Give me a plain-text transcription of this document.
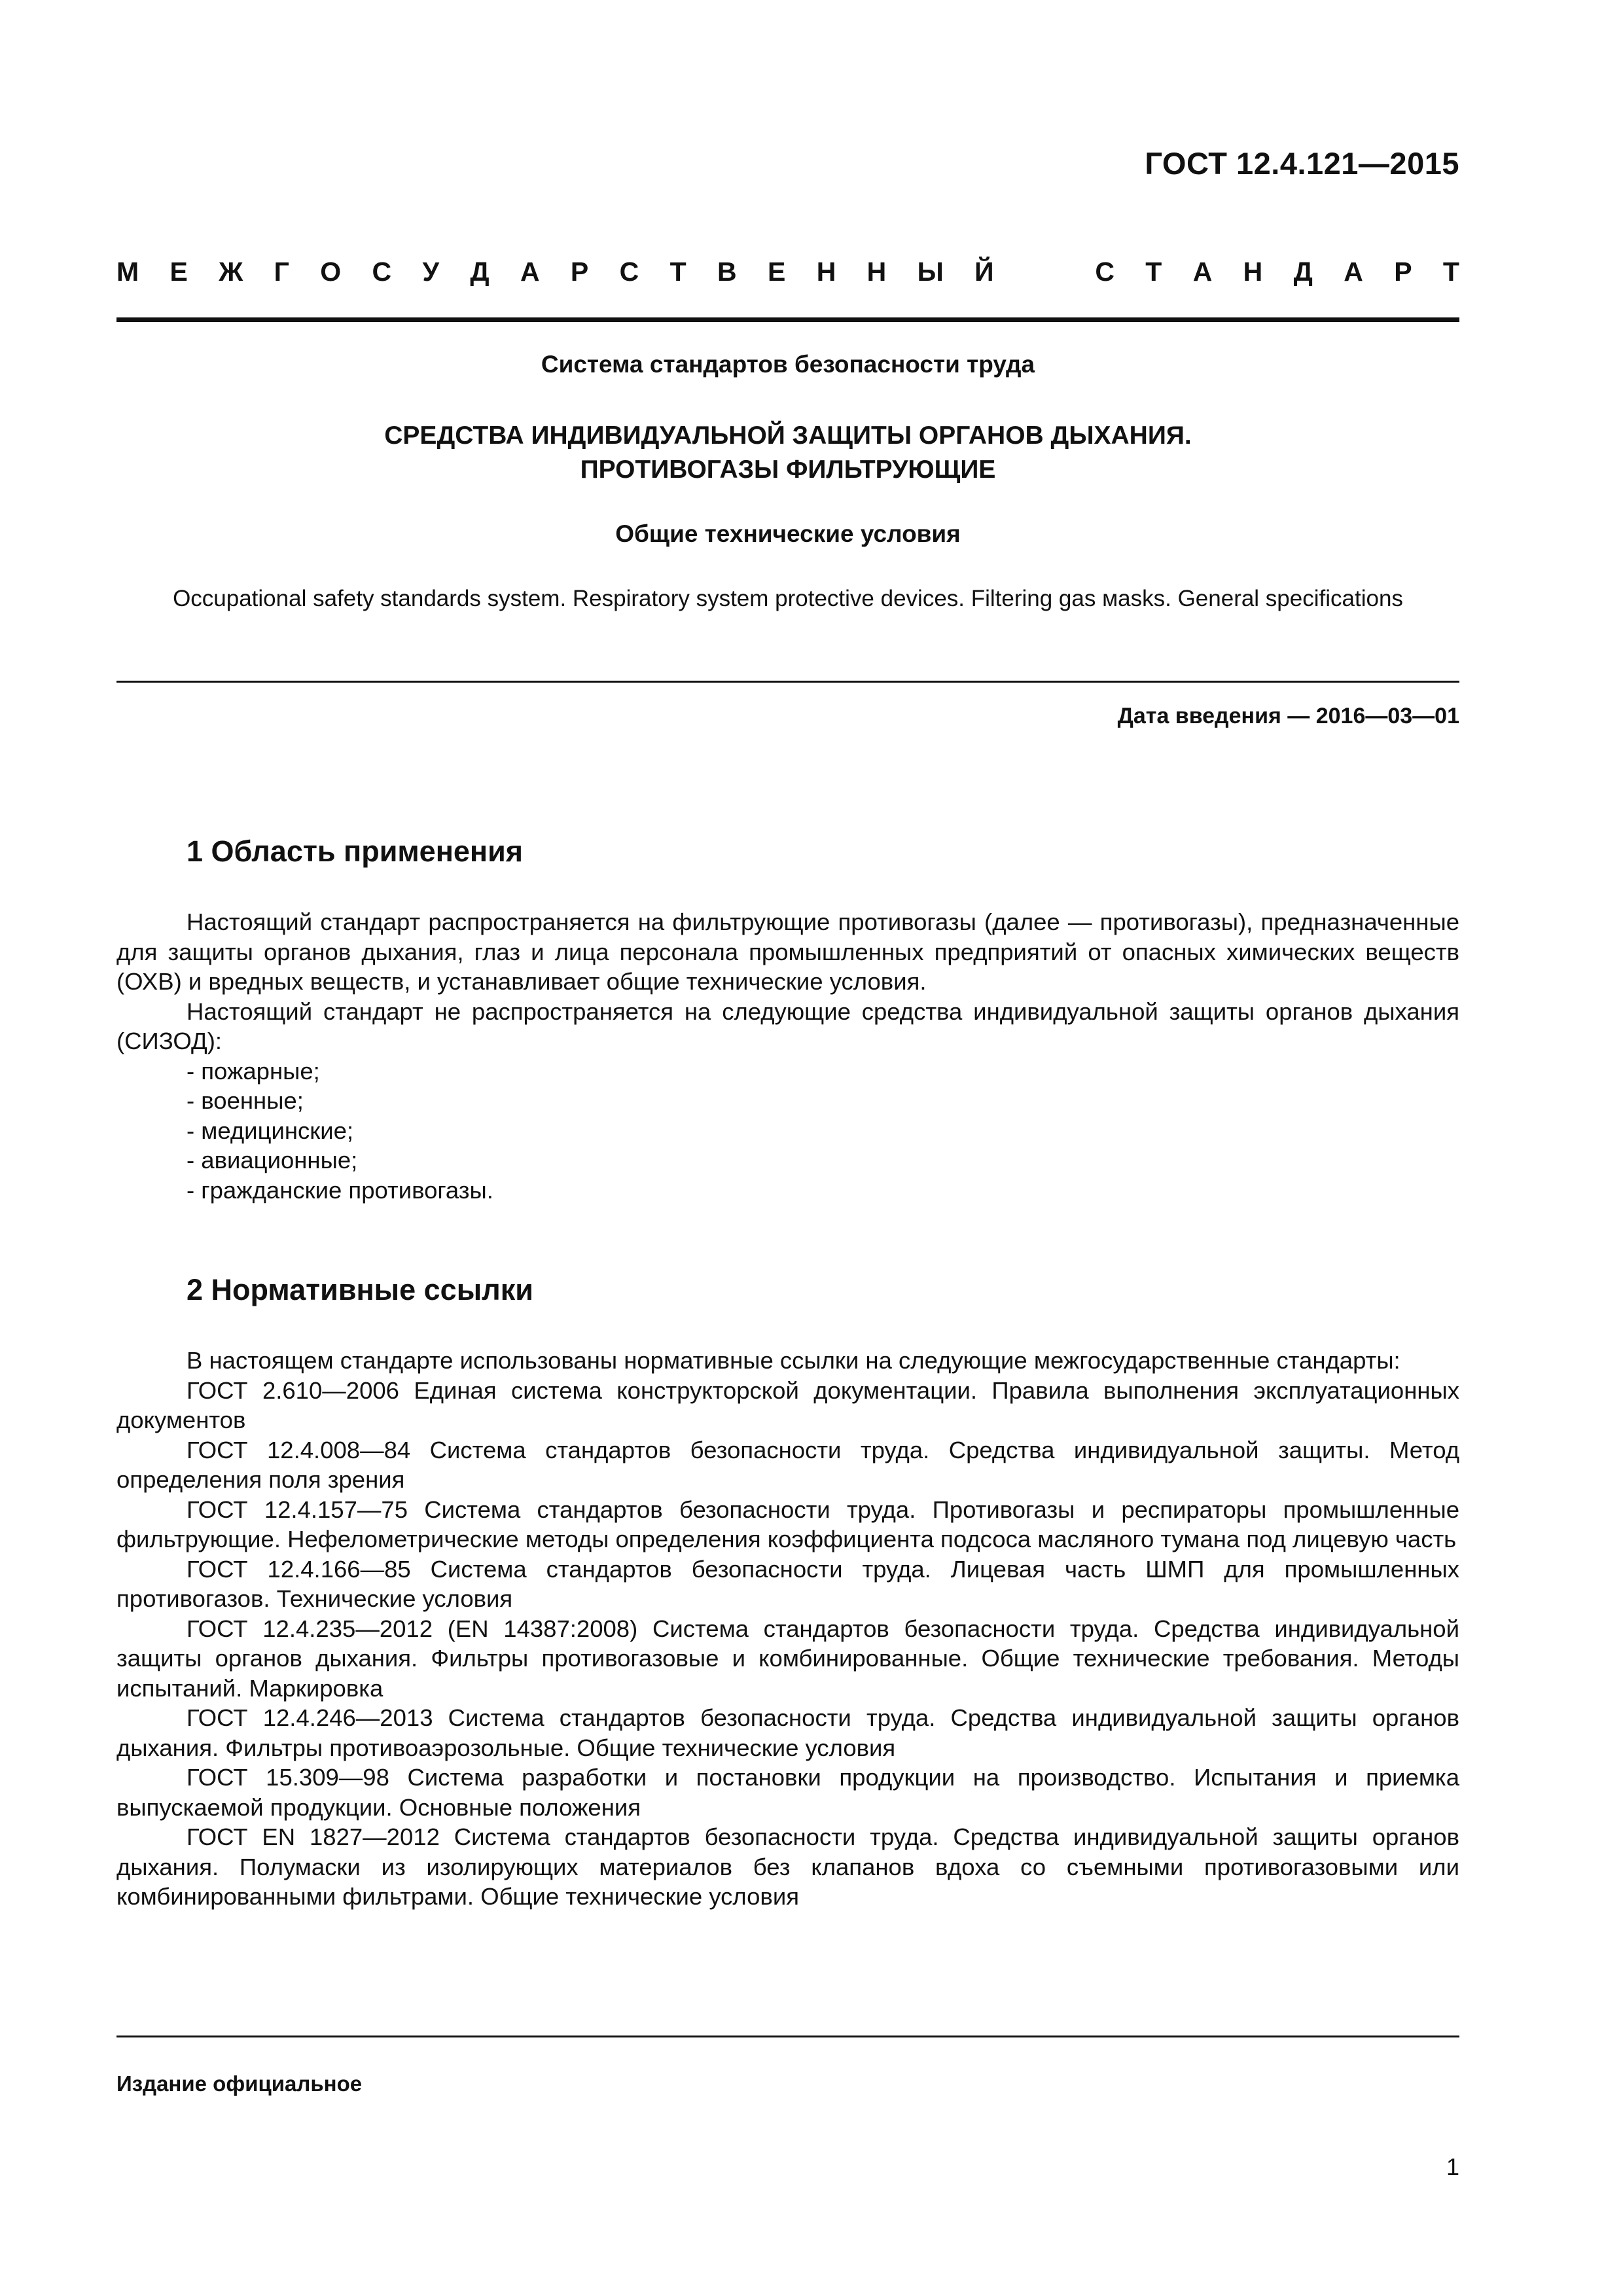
ГОСТ 12.4.121—2015
М Е Ж Г О С У Д А Р С Т В Е Н Н Ы Й	С Т А Н Д А Р Т
Система стандартов безопасности труда
СРЕДСТВА ИНДИВИДУАЛЬНОЙ ЗАЩИТЫ ОРГАНОВ ДЫХАНИЯ.
ПРОТИВОГАЗЫ ФИЛЬТРУЮЩИЕ
Общие технические условия
Occupational safety standards system. Respiratory system protective devices. Filtering gas маsks. General specifications
Дата введения — 2016—03—01
1 Область применения

Настоящий стандарт распространяется на фильтрующие противогазы (далее — противогазы), предназначенные для защиты органов дыхания, глаз и лица персонала промышленных предприятий от опасных химических веществ (ОХВ) и вредных веществ, и устанавливает общие технические условия.

Настоящий стандарт не распространяется на следующие средства индивидуальной защиты органов дыхания (СИЗОД):

- пожарные;
- военные;
- медицинские;
- авиационные;
- гражданские противогазы.
2 Нормативные ссылки

В настоящем стандарте использованы нормативные ссылки на следующие межгосударственные стандарты:

ГОСТ 2.610—2006 Единая система конструкторской документации. Правила выполнения эксплуатационных документов

ГОСТ 12.4.008—84 Система стандартов безопасности труда. Средства индивидуальной защиты. Метод определения поля зрения

ГОСТ 12.4.157—75 Система стандартов безопасности труда. Противогазы и респираторы промышленные фильтрующие. Нефелометрические методы определения коэффициента подсоса масляного тумана под лицевую часть

ГОСТ 12.4.166—85 Система стандартов безопасности труда. Лицевая часть ШМП для промышленных противогазов. Технические условия

ГОСТ 12.4.235—2012 (EN 14387:2008) Система стандартов безопасности труда. Средства индивидуальной защиты органов дыхания. Фильтры противогазовые и комбинированные. Общие технические требования. Методы испытаний. Маркировка

ГОСТ 12.4.246—2013 Система стандартов безопасности труда. Средства индивидуальной защиты органов дыхания. Фильтры противоаэрозольные. Общие технические условия

ГОСТ 15.309—98 Система разработки и постановки продукции на производство. Испытания и приемка выпускаемой продукции. Основные положения

ГОСТ EN 1827—2012 Система стандартов безопасности труда. Средства индивидуальной защиты органов дыхания. Полумаски из изолирующих материалов без клапанов вдоха со съемными противогазовыми или комбинированными фильтрами. Общие технические условия

Издание официальное
1
